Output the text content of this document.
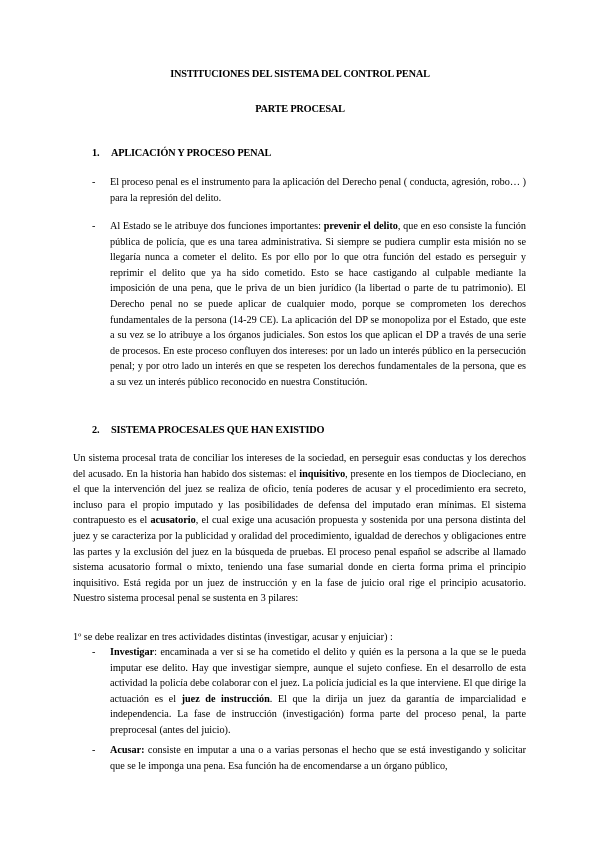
INSTITUCIONES DEL SISTEMA DEL CONTROL PENAL
PARTE PROCESAL
1. APLICACIÓN Y PROCESO PENAL
- El proceso penal es el instrumento para la aplicación del Derecho penal ( conducta, agresión, robo… ) para la represión del delito.
- Al Estado se le atribuye dos funciones importantes: prevenir el delito, que en eso consiste la función pública de policía, que es una tarea administrativa. Si siempre se pudiera cumplir esta misión no se llegaría nunca a cometer el delito. Es por ello por lo que otra función del estado es perseguir y reprimir el delito que ya ha sido cometido. Esto se hace castigando al culpable mediante la imposición de una pena, que le priva de un bien jurídico (la libertad o parte de tu patrimonio). El Derecho penal no se puede aplicar de cualquier modo, porque se comprometen los derechos fundamentales de la persona (14-29 CE). La aplicación del DP se monopoliza por el Estado, que este a su vez se lo atribuye a los órganos judiciales. Son estos los que aplican el DP a través de una serie de procesos. En este proceso confluyen dos intereses: por un lado un interés público en la persecución penal; y por otro lado un interés en que se respeten los derechos fundamentales de la persona, que es a su vez un interés público reconocido en nuestra Constitución.
2. SISTEMA PROCESALES QUE HAN EXISTIDO
Un sistema procesal trata de conciliar los intereses de la sociedad, en perseguir esas conductas y los derechos del acusado. En la historia han habido dos sistemas: el inquisitivo, presente en los tiempos de Diocleciano, en el que la intervención del juez se realiza de oficio, tenía poderes de acusar y el procedimiento era secreto, incluso para el propio imputado y las posibilidades de defensa del imputado eran mínimas. El sistema contrapuesto es el acusatorio, el cual exige una acusación propuesta y sostenida por una persona distinta del juez y se caracteriza por la publicidad y oralidad del procedimiento, igualdad de derechos y obligaciones entre las partes y la exclusión del juez en la búsqueda de pruebas. El proceso penal español se adscribe al llamado sistema acusatorio formal o mixto, teniendo una fase sumarial donde en cierta forma prima el principio inquisitivo. Está regida por un juez de instrucción y en la fase de juicio oral rige el principio acusatorio. Nuestro sistema procesal penal se sustenta en 3 pilares:
1º se debe realizar en tres actividades distintas (investigar, acusar y enjuiciar) :
- Investigar: encaminada a ver si se ha cometido el delito y quién es la persona a la que se le pueda imputar ese delito. Hay que investigar siempre, aunque el sujeto confiese. En el desarrollo de esta actividad la policía debe colaborar con el juez. La policía judicial es la que interviene. El que dirige la actuación es el juez de instrucción. El que la dirija un juez da garantía de imparcialidad e independencia. La fase de instrucción (investigación) forma parte del proceso penal, la parte preprocesal (antes del juicio).
- Acusar: consiste en imputar a una o a varias personas el hecho que se está investigando y solicitar que se le imponga una pena. Esa función ha de encomendarse a un órgano público,
